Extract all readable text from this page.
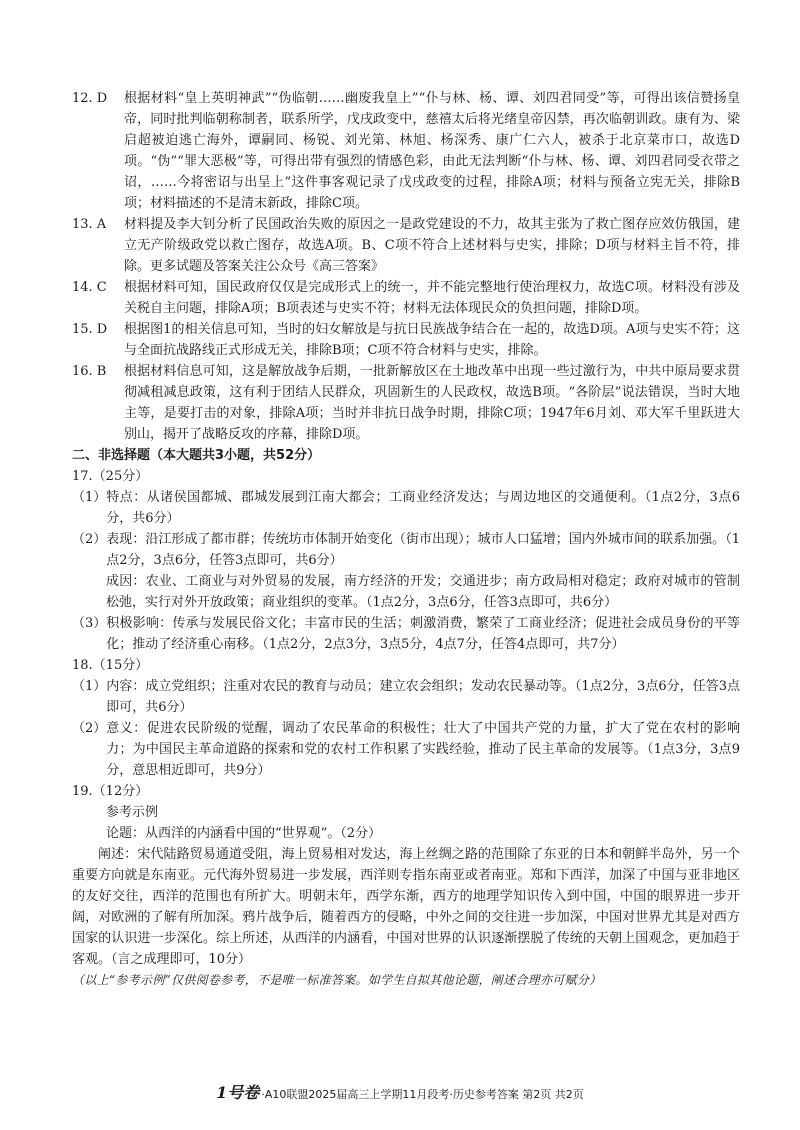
12. D	根据材料“皇上英明神武”“伪临朝……幽废我皇上”“仆与林、杨、谭、刘四君同受”等，可得出该信赞扬皇帝，同时批判临朝称制者，联系所学，戊戌政变中，慈禧太后将光绪皇帝囚禁，再次临朝训政。康有为、梁启超被迫逃亡海外，谭嗣同、杨锐、刘光第、林旭、杨深秀、康广仁六人，被杀于北京菜市口，故选D项。“伪”“罪大恶极”等，可得出带有强烈的情感色彩，由此无法判断“仆与林、杨、谭、刘四君同受衣带之诏，……今将密诏与出呈上”这件事客观记录了戊戌政变的过程，排除A项；材料与预备立宪无关，排除B项；材料描述的不是清末新政，排除C项。
13. A	材料提及李大钊分析了民国政治失败的原因之一是政党建设的不力，故其主张为了救亡图存应效仿俄国，建立无产阶级政党以救亡图存，故选A项。B、C项不符合上述材料与史实，排除；D项与材料主旨不符，排除。更多试题及答案关注公众号《高三答案》
14. C	根据材料可知，国民政府仅仅是完成形式上的统一，并不能完整地行使治理权力，故选C项。材料没有涉及关税自主问题，排除A项；B项表述与史实不符；材料无法体现民众的负担问题，排除D项。
15. D	根据图1的相关信息可知，当时的妇女解放是与抗日民族战争结合在一起的，故选D项。A项与史实不符；这与全面抗战路线正式形成无关，排除B项；C项不符合材料与史实，排除。
16. B	根据材料信息可知，这是解放战争后期，一批新解放区在土地改革中出现一些过激行为，中共中原局要求贯彻减租减息政策，这有利于团结人民群众，巩固新生的人民政权，故选B项。“各阶层”说法错误，当时大地主等，是要打击的对象，排除A项；当时并非抗日战争时期，排除C项；1947年6月刘、邓大军千里跃进大别山，揭开了战略反攻的序幕，排除D项。
二、非选择题（本大题共3小题，共52分）
17.（25分）
（1） 特点：从诸侯国都城、郡城发展到江南大都会；工商业经济发达；与周边地区的交通便利。（1点2分，3点6分，共6分）
（2） 表现：沿江形成了都市群；传统坊市体制开始变化（街市出现）；城市人口猛增；国内外城市间的联系加强。（1点2分，3点6分，任答3点即可，共6分）
成因：农业、工商业与对外贸易的发展，南方经济的开发；交通进步；南方政局相对稳定；政府对城市的管制松弛，实行对外开放政策；商业组织的变革。（1点2分，3点6分，任答3点即可，共6分）
（3） 积极影响：传承与发展民俗文化；丰富市民的生活；刺激消费，繁荣了工商业经济；促进社会成员身份的平等化；推动了经济重心南移。（1点2分，2点3分，3点5分，4点7分，任答4点即可，共7分）
18.（15分）
（1） 内容：成立党组织；注重对农民的教育与动员；建立农会组织；发动农民暴动等。（1点2分，3点6分，任答3点即可，共6分）
（2） 意义：促进农民阶级的觉醒，调动了农民革命的积极性；壮大了中国共产党的力量，扩大了党在农村的影响力；为中国民主革命道路的探索和党的农村工作积累了实践经验，推动了民主革命的发展等。（1点3分，3点9分，意思相近即可，共9分）
19.（12分）
参考示例
论题：从西洋的内涵看中国的“世界观”。（2分）
阐述：宋代陆路贸易通道受阻，海上贸易相对发达，海上丝绸之路的范围除了东亚的日本和朝鲜半岛外，另一个重要方向就是东南亚。元代海外贸易进一步发展，西洋则专指东南亚或者南亚。郑和下西洋，加深了中国与亚非地区的友好交往，西洋的范围也有所扩大。明朝末年，西学东渐，西方的地理学知识传入到中国，中国的眼界进一步开阔，对欧洲的了解有所加深。鸦片战争后，随着西方的侵略，中外之间的交往进一步加深，中国对世界尤其是对西方国家的认识进一步深化。综上所述，从西洋的内涵看，中国对世界的认识逐渐摆脱了传统的天朝上国观念，更加趋于客观。（言之成理即可，10分）
（以上“参考示例”仅供阅卷参考，不是唯一标准答案。如学生自拟其他论题，阐述合理亦可赋分）
1号卷 ·A10联盟2025届高三上学期11月段考·历史参考答案 第2页 共2页
